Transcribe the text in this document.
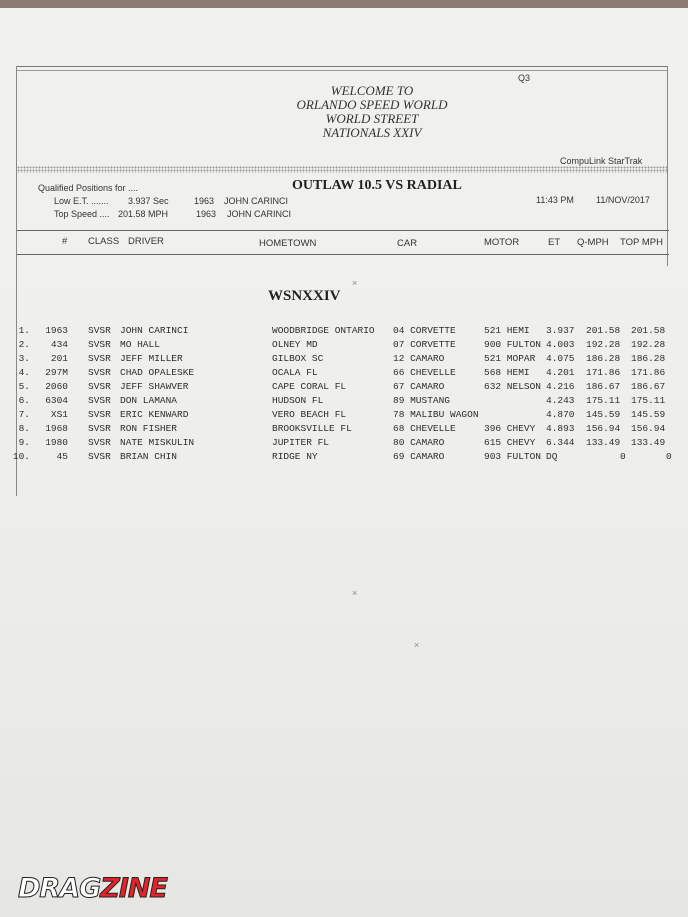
Q3
WELCOME TO
ORLANDO SPEED WORLD
WORLD STREET
NATIONALS XXIV
CompuLink StarTrak
Qualified Positions for ....
Low E.T. ....... 3.937 Sec	1963 JOHN CARINCI
Top Speed .... 201.58 MPH	1963 JOHN CARINCI
OUTLAW 10.5 VS RADIAL
11:43 PM 11/NOV/2017
# CLASS DRIVER	HOMETOWN	CAR	MOTOR	ET Q-MPH TOP MPH
WSNXXIV
1.	1963 SVSR JOHN CARINCI	WOODBRIDGE ONTARIO 04 CORVETTE	521 HEMI 3.937 201.58 201.58
2.	434 SVSR MO HALL	OLNEY MD	07 CORVETTE	900 FULTON 4.003 192.28 192.28
3.	201 SVSR JEFF MILLER	GILBOX SC	12 CAMARO	521 MOPAR 4.075 186.28 186.28
4.	297M SVSR CHAD OPALESKE	OCALA FL	66 CHEVELLE	568 HEMI 4.201 171.86 171.86
5.	2060 SVSR JEFF SHAWVER	CAPE CORAL FL	67 CAMARO	632 NELSON 4.216 186.67 186.67
6.	6304 SVSR DON LAMANA	HUDSON FL	89 MUSTANG	4.243 175.11 175.11
7.	XS1 SVSR ERIC KENWARD	VERO BEACH FL	78 MALIBU WAGON	4.870 145.59 145.59
8.	1968 SVSR RON FISHER	BROOKSVILLE FL	68 CHEVELLE	396 CHEVY 4.893 156.94 156.94
9.	1980 SVSR NATE MISKULIN	JUPITER FL	80 CAMARO	615 CHEVY 6.344 133.49 133.49
10.	45 SVSR BRIAN CHIN	RIDGE NY	69 CAMARO	903 FULTON DQ	0	0
×
×
×
DRAGZINE
